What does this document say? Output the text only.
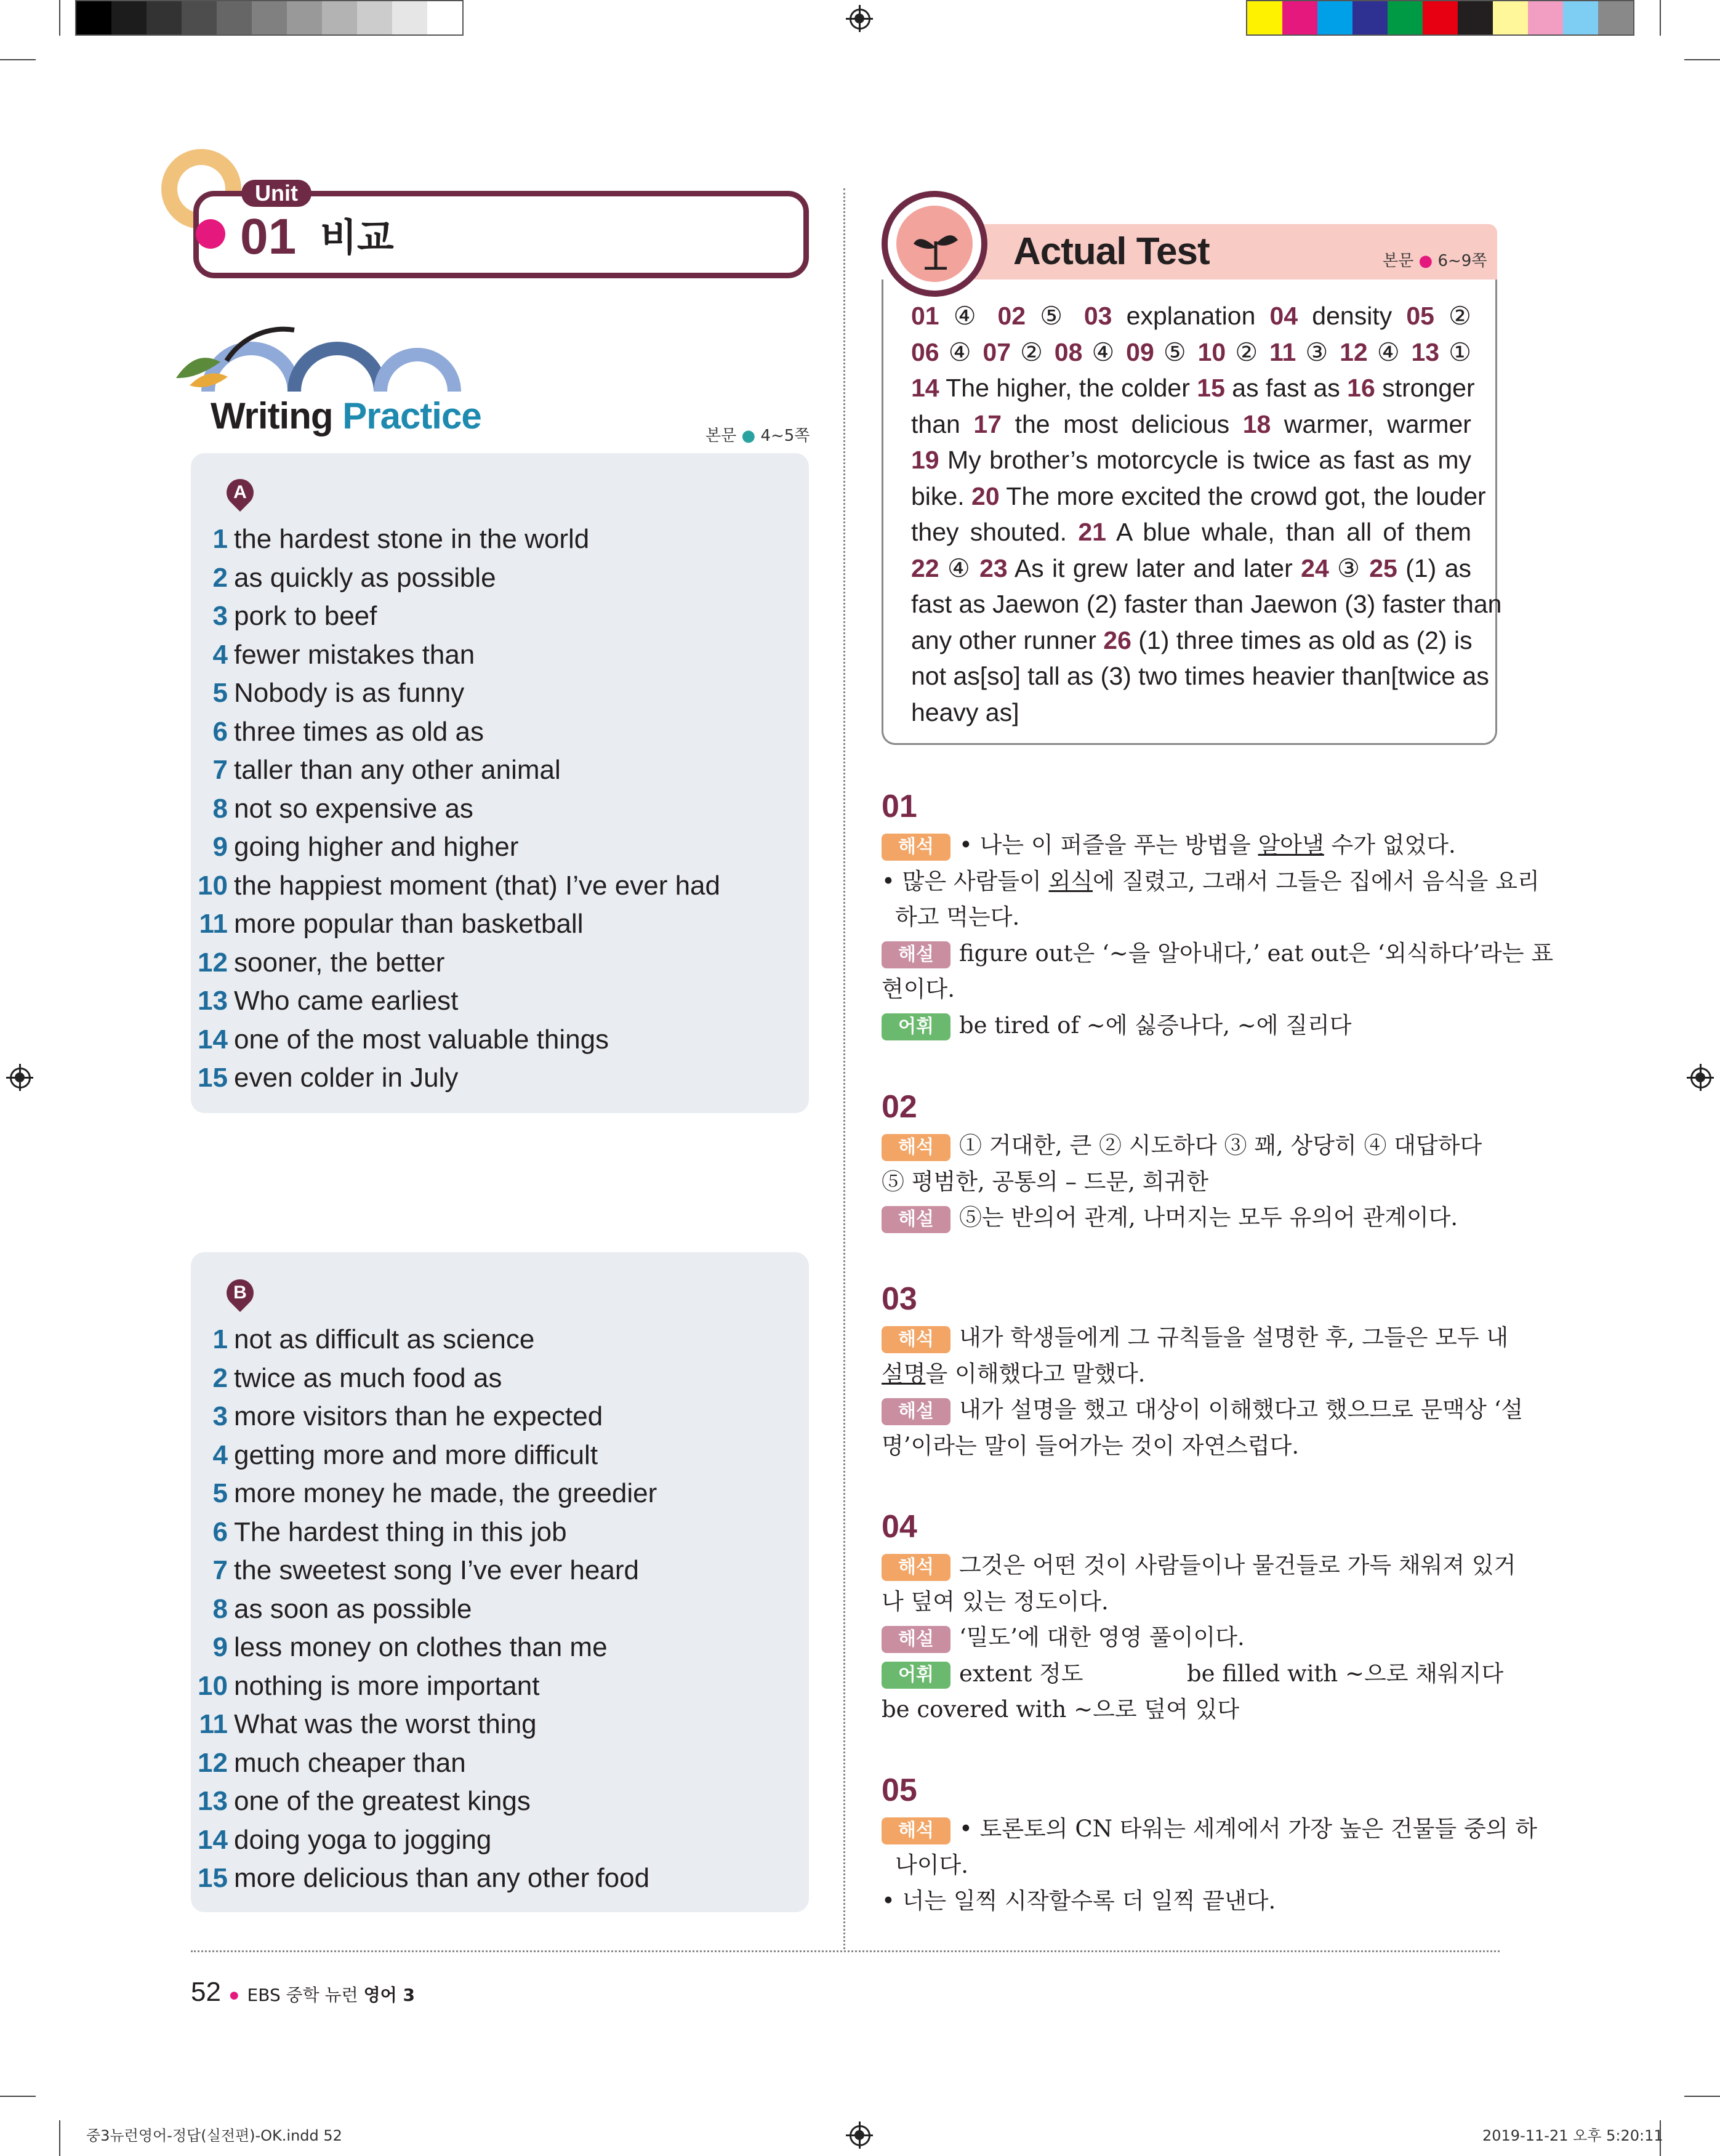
Unit
01 비교
Writing Practice	본문 ● 4~5쪽
A
1 the hardest stone in the world
2 as quickly as possible
3 pork to beef
4 fewer mistakes than
5 Nobody is as funny
6 three times as old as
7 taller than any other animal
8 not so expensive as
9 going higher and higher
10 the happiest moment (that) I’ve ever had
11 more popular than basketball
12 sooner, the better
13 Who came earliest
14 one of the most valuable things
15 even colder in July
B
1 not as difficult as science
2 twice as much food as
3 more visitors than he expected
4 getting more and more difficult
5 more money he made, the greedier
6 The hardest thing in this job
7 the sweetest song I’ve ever heard
8 as soon as possible
9 less money on clothes than me
10 nothing is more important
11 What was the worst thing
12 much cheaper than
13 one of the greatest kings
14 doing yoga to jogging
15 more delicious than any other food
Actual Test	본문 ● 6~9쪽
01 ④ 02 ⑤ 03 explanation 04 density 05 ②
06 ④ 07 ② 08 ④ 09 ⑤ 10 ② 11 ③ 12 ④ 13 ①
14 The higher, the colder 15 as fast as 16 stronger
than 17 the most delicious 18 warmer, warmer
19 My brother’s motorcycle is twice as fast as my
bike. 20 The more excited the crowd got, the louder
they shouted. 21 A blue whale, than all of them
22 ④ 23 As it grew later and later 24 ③ 25 (1) as
fast as Jaewon (2) faster than Jaewon (3) faster than
any other runner 26 (1) three times as old as (2) is
not as[so] tall as (3) two times heavier than[twice as
heavy as]
01
해석 • 나는 이 퍼즐을 푸는 방법을 알아낼 수가 없었다.
• 많은 사람들이 외식에 질렸고, 그래서 그들은 집에서 음식을 요리
하고 먹는다.
해설 figure out은 ‘~을 알아내다,’ eat out은 ‘외식하다’라는 표
현이다.
어휘 be tired of ~에 싫증나다, ~에 질리다
02
해석 ① 거대한, 큰 ② 시도하다 ③ 꽤, 상당히 ④ 대답하다
⑤ 평범한, 공통의 – 드문, 희귀한
해설 ⑤는 반의어 관계, 나머지는 모두 유의어 관계이다.
03
해석 내가 학생들에게 그 규칙들을 설명한 후, 그들은 모두 내
설명을 이해했다고 말했다.
해설 내가 설명을 했고 대상이 이해했다고 했으므로 문맥상 ‘설
명’이라는 말이 들어가는 것이 자연스럽다.
04
해석 그것은 어떤 것이 사람들이나 물건들로 가득 채워져 있거
나 덮여 있는 정도이다.
해설 ‘밀도’에 대한 영영 풀이이다.
어휘 extent 정도	be filled with ~으로 채워지다
be covered with ~으로 덮여 있다
05
해석 • 토론토의 CN 타워는 세계에서 가장 높은 건물들 중의 하
나이다.
• 너는 일찍 시작할수록 더 일찍 끝낸다.
52 ● EBS 중학 뉴런 영어 3
중3뉴런영어-정답(실전편)-OK.indd 52	2019-11-21 오후 5:20:11
